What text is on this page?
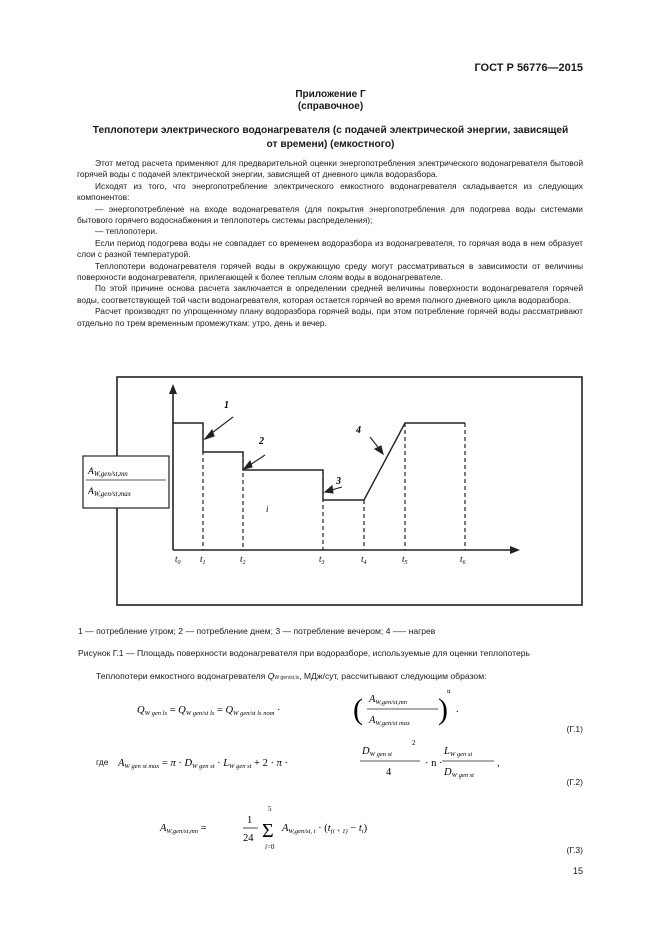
ГОСТ Р 56776—2015
Приложение Г
(справочное)
Теплопотери электрического водонагревателя (с подачей электрической энергии, зависящей
от времени) (емкостного)

Этот метод расчета применяют для предварительной оценки энергопотребления электрического водонагревателя бытовой горячей воды с подачей электрической энергии, зависящей от дневного цикла водоразбора.

Исходят из того, что энергопотребление электрического емкостного водонагревателя складывается из следующих компонентов:

— энергопотребление на входе водонагревателя (для покрытия энергопотребления для подогрева воды системами бытового горячего водоснабжения и теплопотерь системы распределения);

— теплопотери.

Если период подогрева воды не совпадает со временем водоразбора из водонагревателя, то горячая вода в нем образует слои с разной температурой.

Теплопотери водонагревателя горячей воды в окружающую среду могут рассматриваться в зависимости от величины поверхности водонагревателя, прилегающей к более теплым слоям воды в водонагревателе.

По этой причине основа расчета заключается в определении средней величины поверхности водонагревателя горячей воды, соответствующей той части водонагревателя, которая остается горячей во время полного дневного цикла водоразбора.

Расчет производят по упрощенному плану водоразбора горячей воды, при этом потребление горячей воды рассматривают отдельно по трем временным промежуткам: утро, день и вечер.

$A_{W,gen/st,mn}$
$A_{W,gen/st,max}$
1
2
3
4
i
$t_0$ $t_1$	$t_2$	$t_3$	$t_4$	$t_5$	$t_6$
QW gen ls = QW gen/st ls = QW gen/st ls nom · ( AW,gen/st,mn
AW,gen/st max )
u
.
AW gen st max = π · DW gen st · LW gen st + 2 · π ·
DW gen st
2
4
· n ·
LW gen st
DW gen st
,
AW,gen/st,mn =
1
24
5
Σ
i=0
AW,gen/st, i · (t(i + 1) − ti)
1 — потребление утром; 2 — потребление днем; 3 — потребление вечером; 4 —– нагрев
Рисунок Г.1 — Площадь поверхности водонагревателя при водоразборе, используемые для оценки теплопотерь
Теплопотери емкостного водонагревателя QW gen/st,ls, МДж/сут, рассчитывают следующим образом:
где
(Г.1)
(Г.2)
(Г.3)
15
